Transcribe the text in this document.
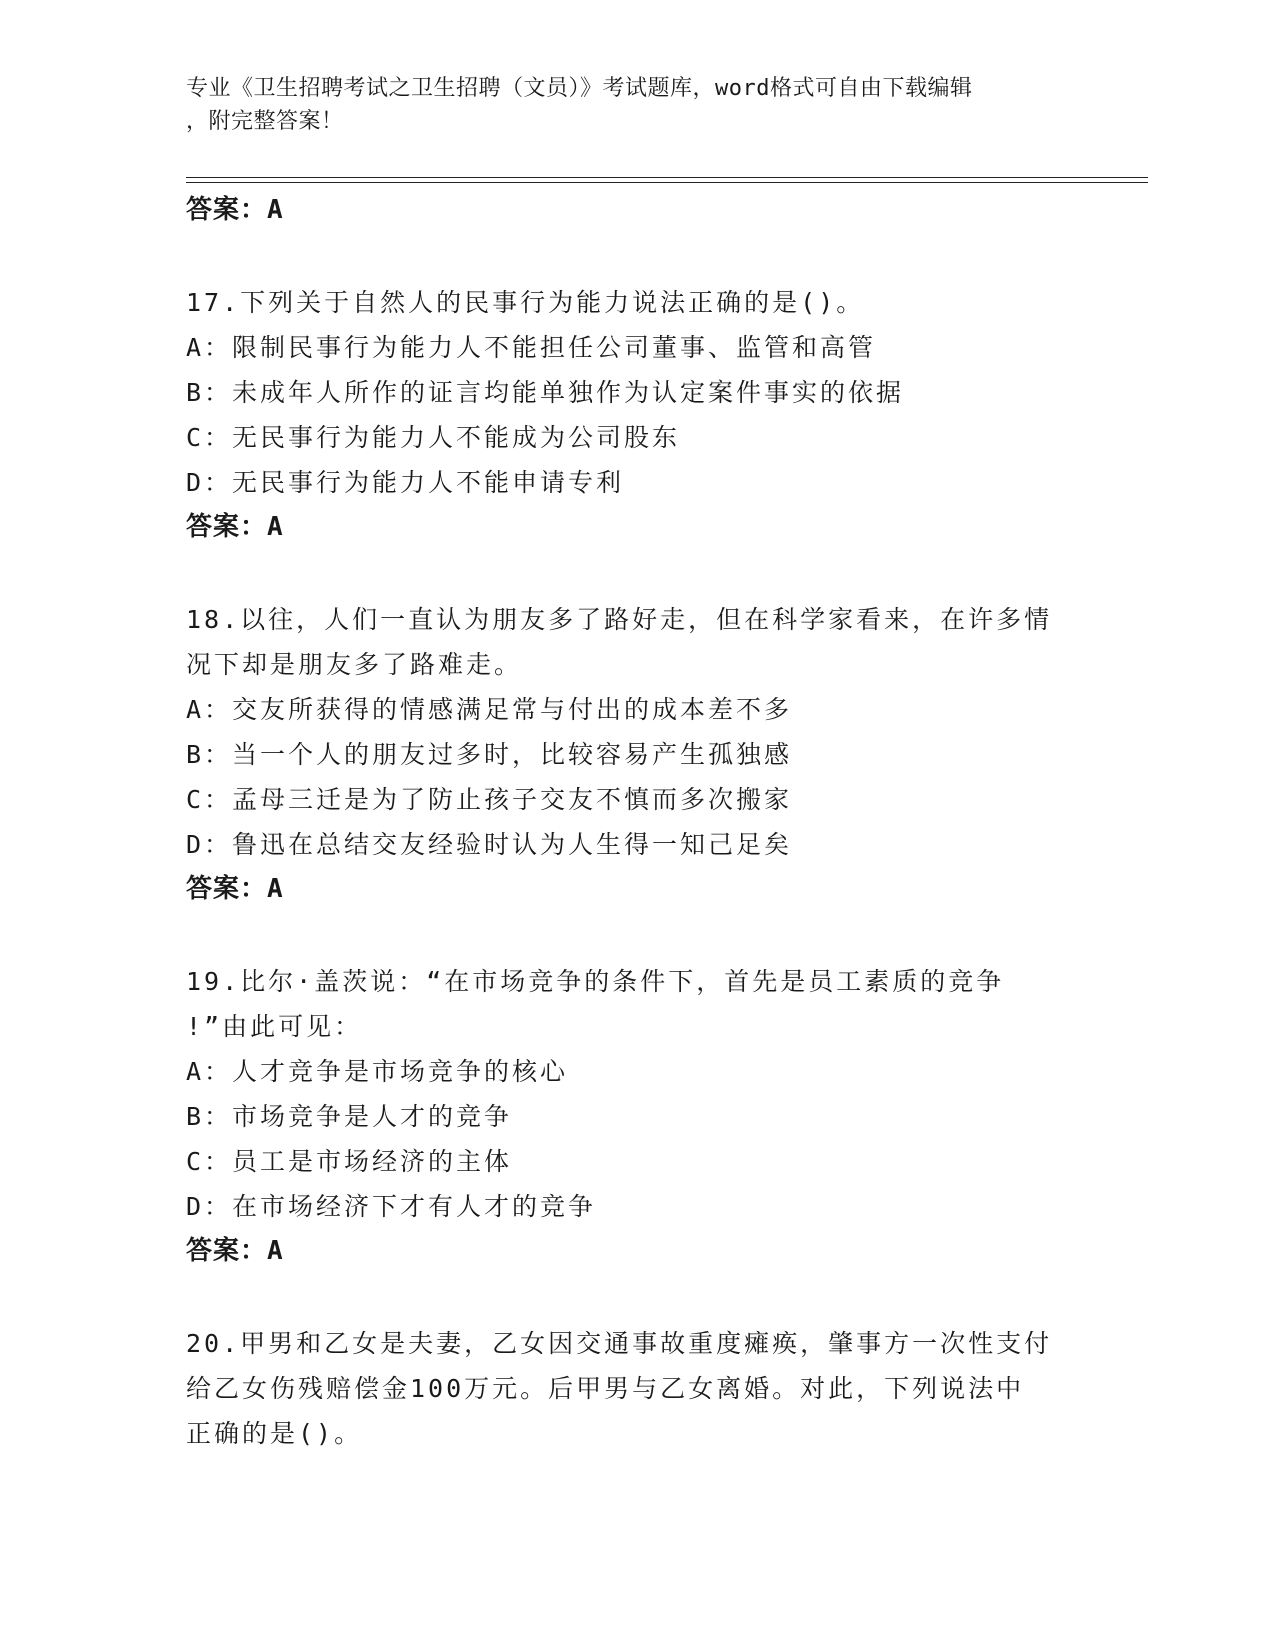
专业《卫生招聘考试之卫生招聘（文员）》考试题库，word格式可自由下载编辑
，附完整答案！
答案：A
17.下列关于自然人的民事行为能力说法正确的是()。
A：限制民事行为能力人不能担任公司董事、监管和高管
B：未成年人所作的证言均能单独作为认定案件事实的依据
C：无民事行为能力人不能成为公司股东
D：无民事行为能力人不能申请专利
答案：A
18.以往，人们一直认为朋友多了路好走，但在科学家看来，在许多情
况下却是朋友多了路难走。
A：交友所获得的情感满足常与付出的成本差不多
B：当一个人的朋友过多时，比较容易产生孤独感
C：孟母三迁是为了防止孩子交友不慎而多次搬家
D：鲁迅在总结交友经验时认为人生得一知己足矣
答案：A
19.比尔·盖茨说：“在市场竞争的条件下，首先是员工素质的竞争
!”由此可见：
A：人才竞争是市场竞争的核心
B：市场竞争是人才的竞争
C：员工是市场经济的主体
D：在市场经济下才有人才的竞争
答案：A
20.甲男和乙女是夫妻，乙女因交通事故重度瘫痪，肇事方一次性支付
给乙女伤残赔偿金100万元。后甲男与乙女离婚。对此，下列说法中
正确的是()。
